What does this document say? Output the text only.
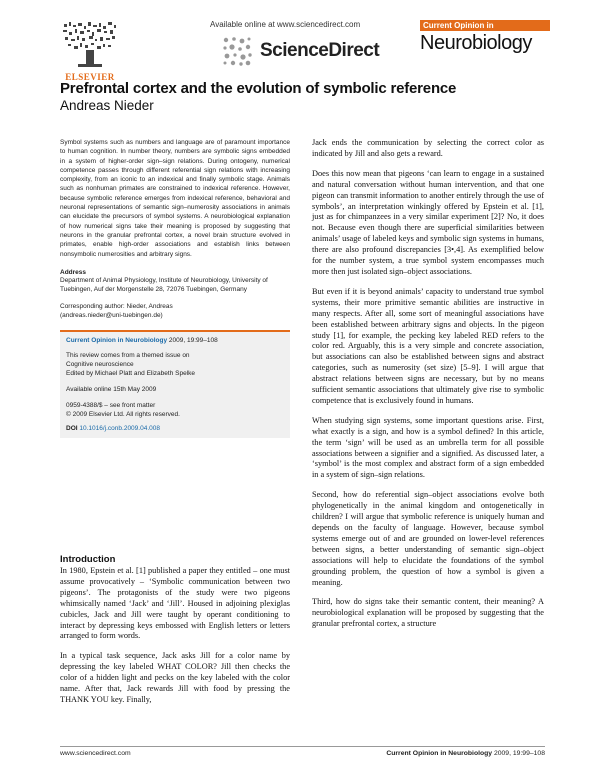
ELSEVIER
Available online at www.sciencedirect.com
ScienceDirect
Current Opinion in
Neurobiology
Prefrontal cortex and the evolution of symbolic reference
Andreas Nieder

Symbol systems such as numbers and language are of paramount importance to human cognition. In number theory, numbers are symbolic signs embedded in a system of higher-order sign–sign relations. During ontogeny, numerical competence passes through different referential sign relations with increasing complexity, from an iconic to an indexical and finally symbolic stage. Animals such as nonhuman primates are constrained to indexical reference. However, because symbolic reference emerges from indexical reference, behavioral and neuronal representations of semantic sign–numerosity associations in animals can elucidate the precursors of symbol systems. A neurobiological explanation of how numerical signs take their meaning is proposed by suggesting that neurons in the granular prefrontal cortex, a novel brain structure evolved in primates, enable high-order associations and establish links between nonsymbolic numerosities and arbitrary signs.

Address
Department of Animal Physiology, Institute of Neurobiology, University of Tuebingen, Auf der Morgenstelle 28, 72076 Tuebingen, Germany
Corresponding author: Nieder, Andreas
(andreas.nieder@uni-tuebingen.de)
Current Opinion in Neurobiology 2009, 19:99–108
This review comes from a themed issue on
Cognitive neuroscience
Edited by Michael Platt and Elizabeth Spelke
Available online 15th May 2009
0959-4388/$ – see front matter
© 2009 Elsevier Ltd. All rights reserved.
DOI 10.1016/j.conb.2009.04.008
Introduction

In 1980, Epstein et al. [1] published a paper they entitled – one must assume provocatively – ‘Symbolic communication between two pigeons’. The protagonists of the study were two pigeons whimsically named ‘Jack’ and ‘Jill’. Housed in adjoining plexiglas cubicles, Jack and Jill were taught by operant conditioning to interact by depressing keys embossed with English letters or letters arranged to form words.

In a typical task sequence, Jack asks Jill for a color name by depressing the key labeled WHAT COLOR? Jill then checks the color of a hidden light and pecks on the key labeled with the color name. After that, Jack rewards Jill with food by pressing the THANK YOU key. Finally,

Jack ends the communication by selecting the correct color as indicated by Jill and also gets a reward.

Does this now mean that pigeons ‘can learn to engage in a sustained and natural conversation without human intervention, and that one pigeon can transmit information to another entirely through the use of symbols’, an interpretation winkingly offered by Epstein et al. [1], just as for chimpanzees in a very similar experiment [2]? No, it does not. Because even though there are superficial similarities between animals’ usage of labeled keys and symbolic sign systems in humans, there are also profound discrepancies [3•,4]. As exemplified below for the number system, a true symbol system encompasses much more then just isolated sign–object associations.

But even if it is beyond animals’ capacity to understand true symbol systems, their more primitive semantic abilities are instructive in many respects. After all, some sort of meaningful associations have been established between arbitrary signs and objects. In the pigeon study [1], for example, the pecking key labeled RED refers to the color red. Arguably, this is a very simple and concrete association, but associations can also be established between signs and abstract categories, such as numerosity (set size) [5–9]. I will argue that abstract relations between signs are necessary, but by no means sufficient semantic associations that ultimately give rise to symbolic competence that is exclusively found in humans.

When studying sign systems, some important questions arise. First, what exactly is a sign, and how is a symbol defined? In this article, the term ‘sign’ will be used as an umbrella term for all possible associations between a signifier and a signified. As discussed later, a ‘symbol’ is the most complex and abstract form of a sign embedded in a system of sign–sign relations.

Second, how do referential sign–object associations evolve both phylogenetically in the animal kingdom and ontogenetically in children? I will argue that symbolic reference is uniquely human and depends on the faculty of language. However, because symbol systems emerge out of and are grounded on lower-level references between signs, a better understanding of semantic sign–object associations will help to elucidate the foundations of the symbol grounding problem, the question of how a symbol is given a meaning.

Third, how do signs take their semantic content, their meaning? A neurobiological explanation will be proposed by suggesting that the granular prefrontal cortex, a structure

www.sciencedirect.com	Current Opinion in Neurobiology 2009, 19:99–108
